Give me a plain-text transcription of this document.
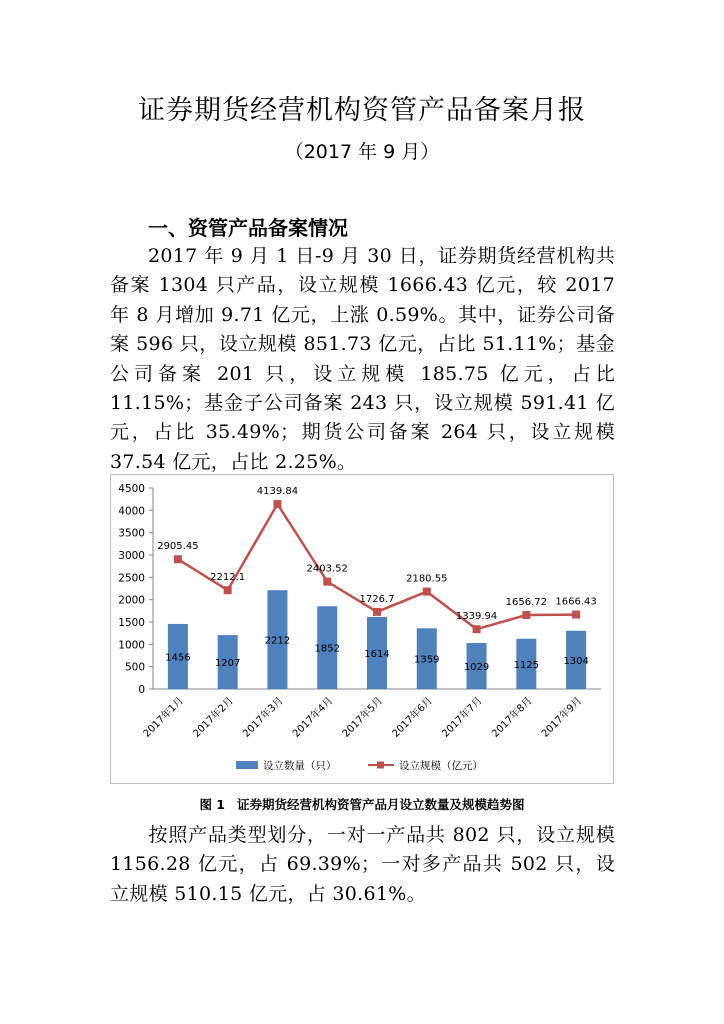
证券期货经营机构资管产品备案月报
（2017 年 9 月）
一、资管产品备案情况
2017 年 9 月 1 日-9 月 30 日，证券期货经营机构共备案 1304 只产品，设立规模 1666.43 亿元，较 2017 年 8 月增加 9.71 亿元，上涨 0.59%。其中，证券公司备案 596 只，设立规模 851.73 亿元，占比 51.11%；基金公司备案 201 只，设立规模 185.75 亿元，占比 11.15%；基金子公司备案 243 只，设立规模 591.41 亿元，占比 35.49%；期货公司备案 264 只，设立规模 37.54 亿元，占比 2.25%。
0
500
1000
1500
2000
2500
3000
3500
4000
4500
1456
1207
2212
1852 1614
1359
1029 1125 1304
2905.45
2212.1
4139.84
2403.52
1726.7
2180.55
1339.94
1656.72 1666.43
2017年1月 2017年2月 2017年3月 2017年4月 2017年5月 2017年6月 2017年7月 2017年8月 2017年9月
设立数量（只）	设立规模（亿元）
图 1 证券期货经营机构资管产品月设立数量及规模趋势图
按照产品类型划分，一对一产品共 802 只，设立规模 1156.28 亿元，占 69.39%；一对多产品共 502 只，设立规模 510.15 亿元，占 30.61%。
